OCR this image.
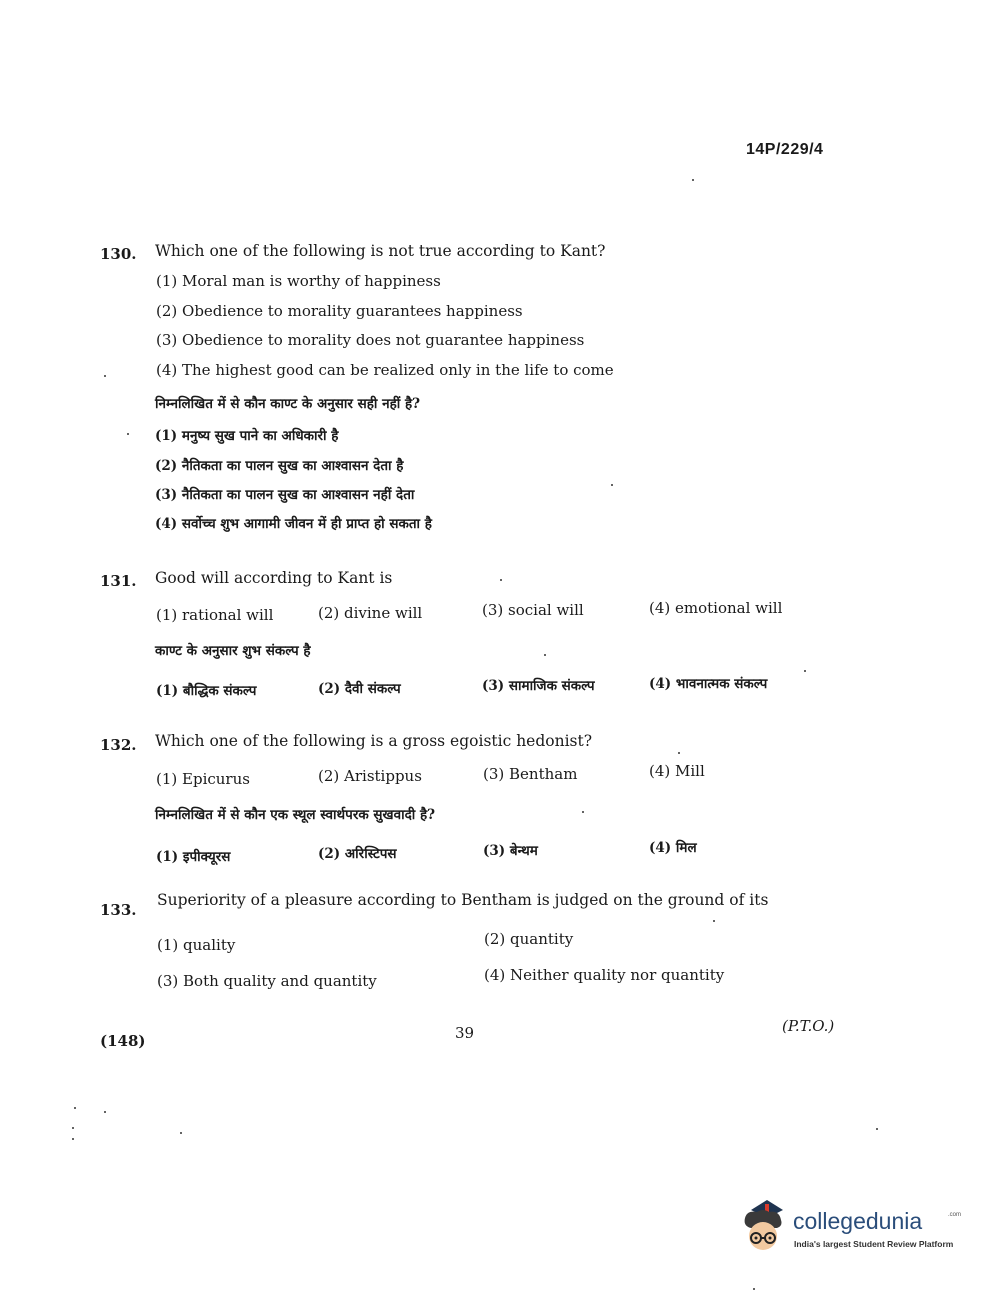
14P/229/4
130. Which one of the following is not true according to Kant?
(1) Moral man is worthy of happiness
(2) Obedience to morality guarantees happiness
(3) Obedience to morality does not guarantee happiness
(4) The highest good can be realized only in the life to come
निम्नलिखित में से कौन काण्ट के अनुसार सही नहीं है?
(1) मनुष्य सुख पाने का अधिकारी है
(2) नैतिकता का पालन सुख का आश्वासन देता है
(3) नैतिकता का पालन सुख का आश्वासन नहीं देता
(4) सर्वोच्च शुभ आगामी जीवन में ही प्राप्त हो सकता है
131. Good will according to Kant is
(1) rational will	(2) divine will	(3) social will	(4) emotional will
काण्ट के अनुसार शुभ संकल्प है
(1) बौद्धिक संकल्प	(2) दैवी संकल्प	(3) सामाजिक संकल्प	(4) भावनात्मक संकल्प
132. Which one of the following is a gross egoistic hedonist?
(1) Epicurus	(2) Aristippus	(3) Bentham	(4) Mill
निम्नलिखित में से कौन एक स्थूल स्वार्थपरक सुखवादी है?
(1) इपीक्यूरस	(2) अरिस्टिपस	(3) बेन्थम	(4) मिल
133.
Superiority of a pleasure according to Bentham is judged on the ground of its
(1) quality	(2) quantity
(3) Both quality and quantity	(4) Neither quality nor quantity
(148)	39	(P.T.O.)
collegedunia	.com
India's largest Student Review Platform
